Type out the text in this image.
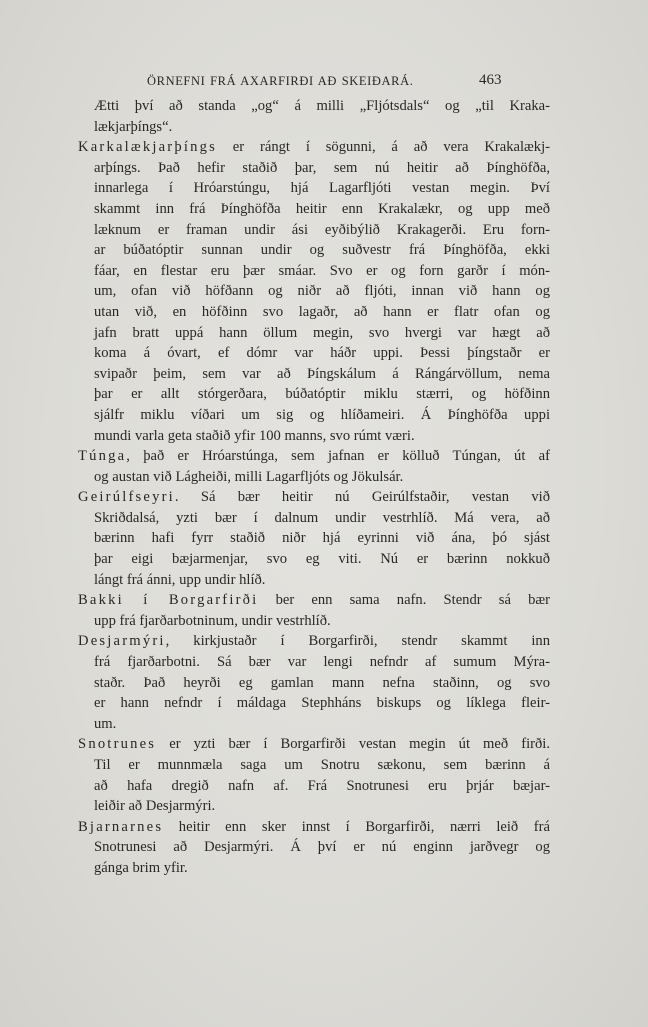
ÖRNEFNI FRÁ AXARFIRÐI AÐ SKEIÐARÁ.	463
Ætti því að standa „og“ á milli „Fljótsdals“ og „til Kraka-
lækjarþíngs“.
Karkalækjarþíngs er rángt í sögunni, á að vera Krakalækj-
arþíngs. Það hefir staðið þar, sem nú heitir að Þínghöfða,
innarlega í Hróarstúngu, hjá Lagarfljóti vestan megin. Því
skammt inn frá Þínghöfða heitir enn Krakalækr, og upp með
læknum er framan undir ási eyðibýlið Krakagerði. Eru forn-
ar búðatóptir sunnan undir og suðvestr frá Þínghöfða, ekki
fáar, en flestar eru þær smáar. Svo er og forn garðr í món-
um, ofan við höfðann og niðr að fljóti, innan við hann og
utan við, en höfðinn svo lagaðr, að hann er flatr ofan og
jafn bratt uppá hann öllum megin, svo hvergi var hægt að
koma á óvart, ef dómr var háðr uppi. Þessi þíngstaðr er
svipaðr þeim, sem var að Þíngskálum á Rángárvöllum, nema
þar er allt stórgerðara, búðatóptir miklu stærri, og höfðinn
sjálfr miklu víðari um sig og hlíðameiri. Á Þínghöfða uppi
mundi varla geta staðið yfir 100 manns, svo rúmt væri.
Túnga, það er Hróarstúnga, sem jafnan er kölluð Túngan, út af
og austan við Lágheiði, milli Lagarfljóts og Jökulsár.
Geirúlfseyri. Sá bær heitir nú Geirúlfstaðir, vestan við
Skriðdalsá, yzti bær í dalnum undir vestrhlíð. Má vera, að
bærinn hafi fyrr staðið niðr hjá eyrinni við ána, þó sjást
þar eigi bæjarmenjar, svo eg viti. Nú er bærinn nokkuð
lángt frá ánni, upp undir hlíð.
Bakki í Borgarfirði ber enn sama nafn. Stendr sá bær
upp frá fjarðarbotninum, undir vestrhlíð.
Desjarmýri, kirkjustaðr í Borgarfirði, stendr skammt inn
frá fjarðarbotni. Sá bær var lengi nefndr af sumum Mýra-
staðr. Það heyrði eg gamlan mann nefna staðinn, og svo
er hann nefndr í máldaga Stephháns biskups og líklega fleir-
um.
Snotrunes er yzti bær í Borgarfirði vestan megin út með firði.
Til er munnmæla saga um Snotru sækonu, sem bærinn á
að hafa dregið nafn af. Frá Snotrunesi eru þrjár bæjar-
leiðir að Desjarmýri.
Bjarnarnes heitir enn sker innst í Borgarfirði, nærri leið frá
Snotrunesi að Desjarmýri. Á því er nú enginn jarðvegr og
gánga brim yfir.
